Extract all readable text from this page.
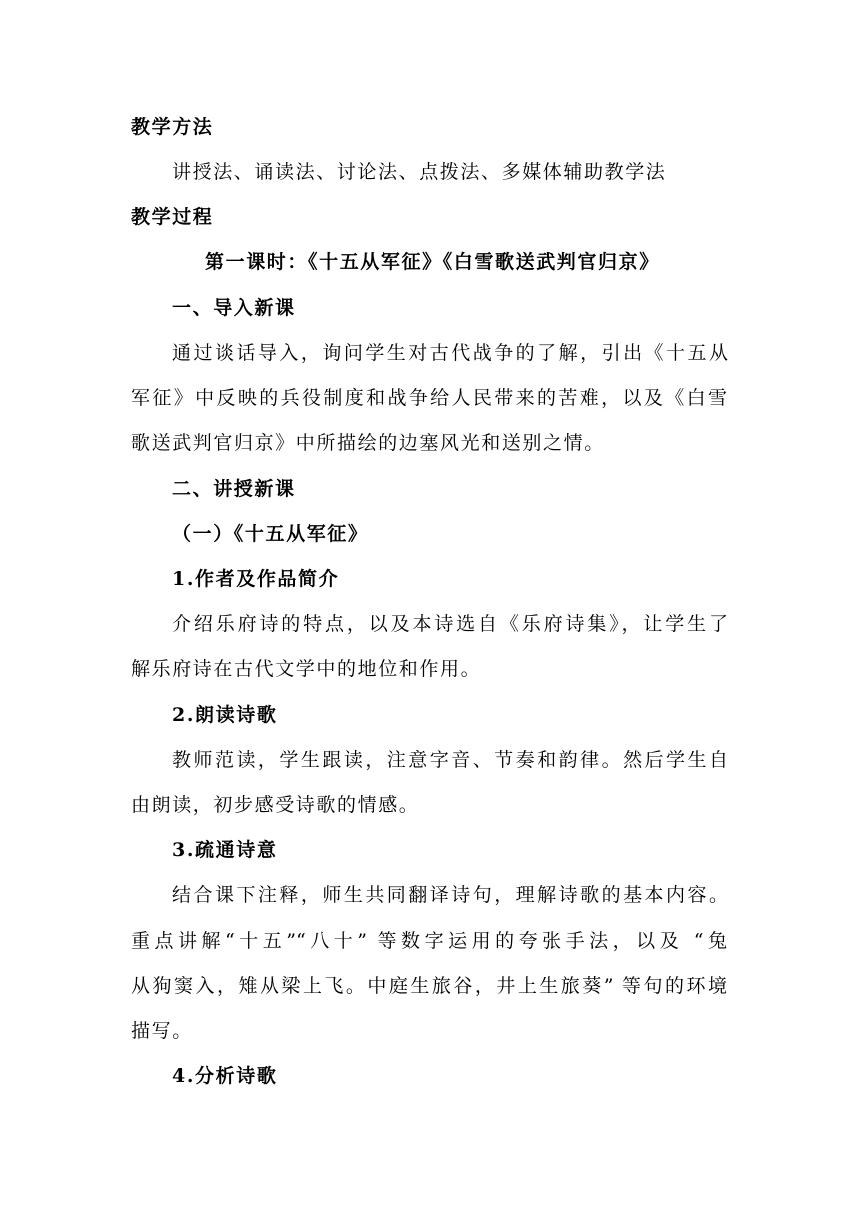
教学方法
讲授法、诵读法、讨论法、点拨法、多媒体辅助教学法
教学过程
第一课时：《十五从军征》《白雪歌送武判官归京》
一、导入新课
通过谈话导入，询问学生对古代战争的了解，引出《十五从
军征》中反映的兵役制度和战争给人民带来的苦难，以及《白雪
歌送武判官归京》中所描绘的边塞风光和送别之情。
二、讲授新课
（一）《十五从军征》
1.作者及作品简介
介绍乐府诗的特点，以及本诗选自《乐府诗集》，让学生了
解乐府诗在古代文学中的地位和作用。
2.朗读诗歌
教师范读，学生跟读，注意字音、节奏和韵律。然后学生自
由朗读，初步感受诗歌的情感。
3.疏通诗意
结合课下注释，师生共同翻译诗句，理解诗歌的基本内容。
重点讲解“十五”“八十” 等数字运用的夸张手法，以及 “兔
从狗窦入，雉从梁上飞。中庭生旅谷，井上生旅葵” 等句的环境
描写。
4.分析诗歌
